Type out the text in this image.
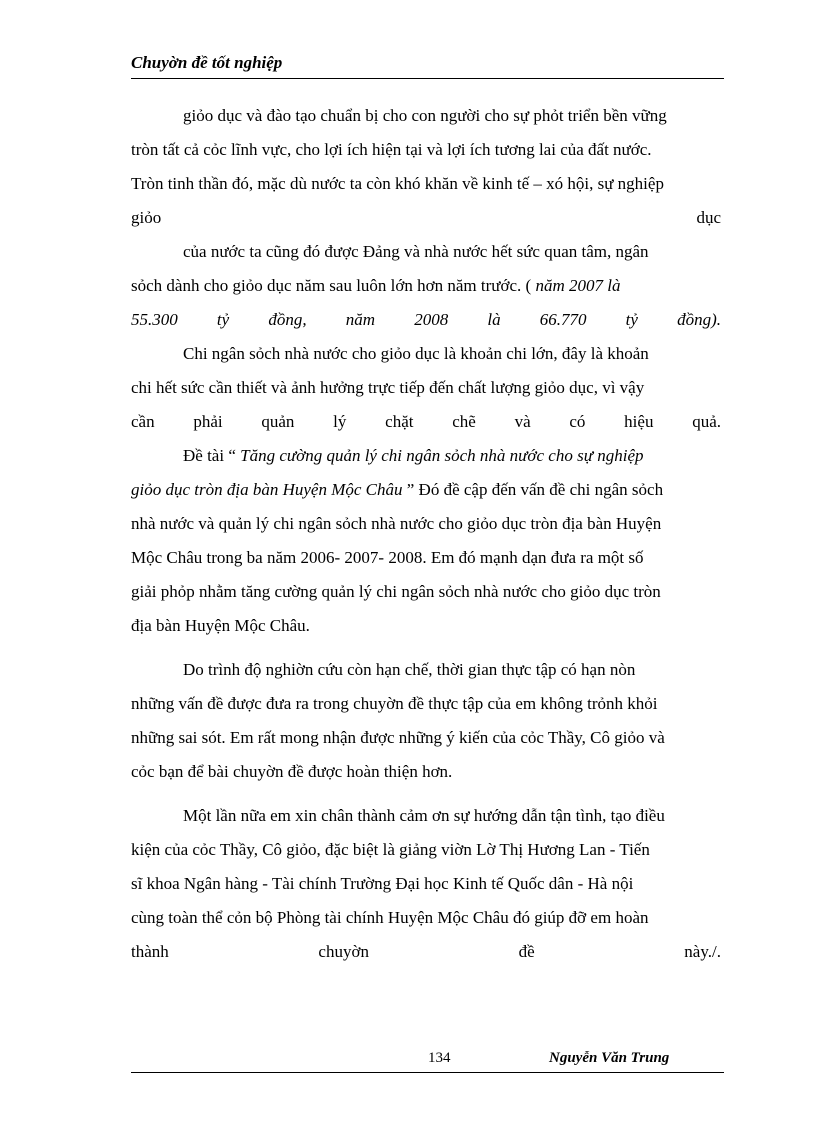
Chuyờn đề tốt nghiệp
giỏo dục và đào tạo chuẩn bị cho con người cho sự phỏt triển bền vững
tròn tất cả cỏc lĩnh vực, cho lợi ích hiện tại và lợi ích tương lai của đất nước.
Tròn tinh thần đó, mặc dù nước ta còn khó khăn về kinh tế – xó hội, sự nghiệp
giỏo	dục
của nước ta cũng đó được Đảng và nhà nước hết sức quan tâm, ngân
sỏch dành cho giỏo dục năm sau luôn lớn hơn năm trước. ( năm 2007 là
55.300 tỷ đồng, năm 2008 là 66.770 tỷ đồng).
Chi ngân sỏch nhà nước cho giỏo dục là khoản chi lớn, đây là khoản
chi hết sức cần thiết và ảnh hưởng trực tiếp đến chất lượng giỏo dục, vì vậy
cần phải quản lý chặt chẽ và có hiệu quả.
Đề tài “ Tăng cường quản lý chi ngân sỏch nhà nước cho sự nghiệp
giỏo dục tròn địa bàn Huyện Mộc Châu ” Đó đề cập đến vấn đề chi ngân sỏch
nhà nước và quản lý chi ngân sỏch nhà nước cho giỏo dục tròn địa bàn Huyện
Mộc Châu trong ba năm 2006- 2007- 2008. Em đó mạnh dạn đưa ra một số
giải phỏp nhằm tăng cường quản lý chi ngân sỏch nhà nước cho giỏo dục tròn
địa bàn Huyện Mộc Châu.
Do trình độ nghiờn cứu còn hạn chế, thời gian thực tập có hạn nòn
những vấn đề được đưa ra trong chuyờn đề thực tập của em không trỏnh khỏi
những sai sót. Em rất mong nhận được những ý kiến của cỏc Thầy, Cô giỏo và
cỏc bạn để bài chuyờn đề được hoàn thiện hơn.
Một lần nữa em xin chân thành cảm ơn sự hướng dẫn tận tình, tạo điều
kiện của cỏc Thầy, Cô giỏo, đặc biệt là giảng viờn Lờ Thị Hương Lan - Tiến
sĩ khoa Ngân hàng - Tài chính Trường Đại học Kinh tế Quốc dân - Hà nội
cùng toàn thể cỏn bộ Phòng tài chính Huyện Mộc Châu đó giúp đỡ em hoàn
thành	chuyờn	đề	này./.
134	Nguyễn Văn Trung
